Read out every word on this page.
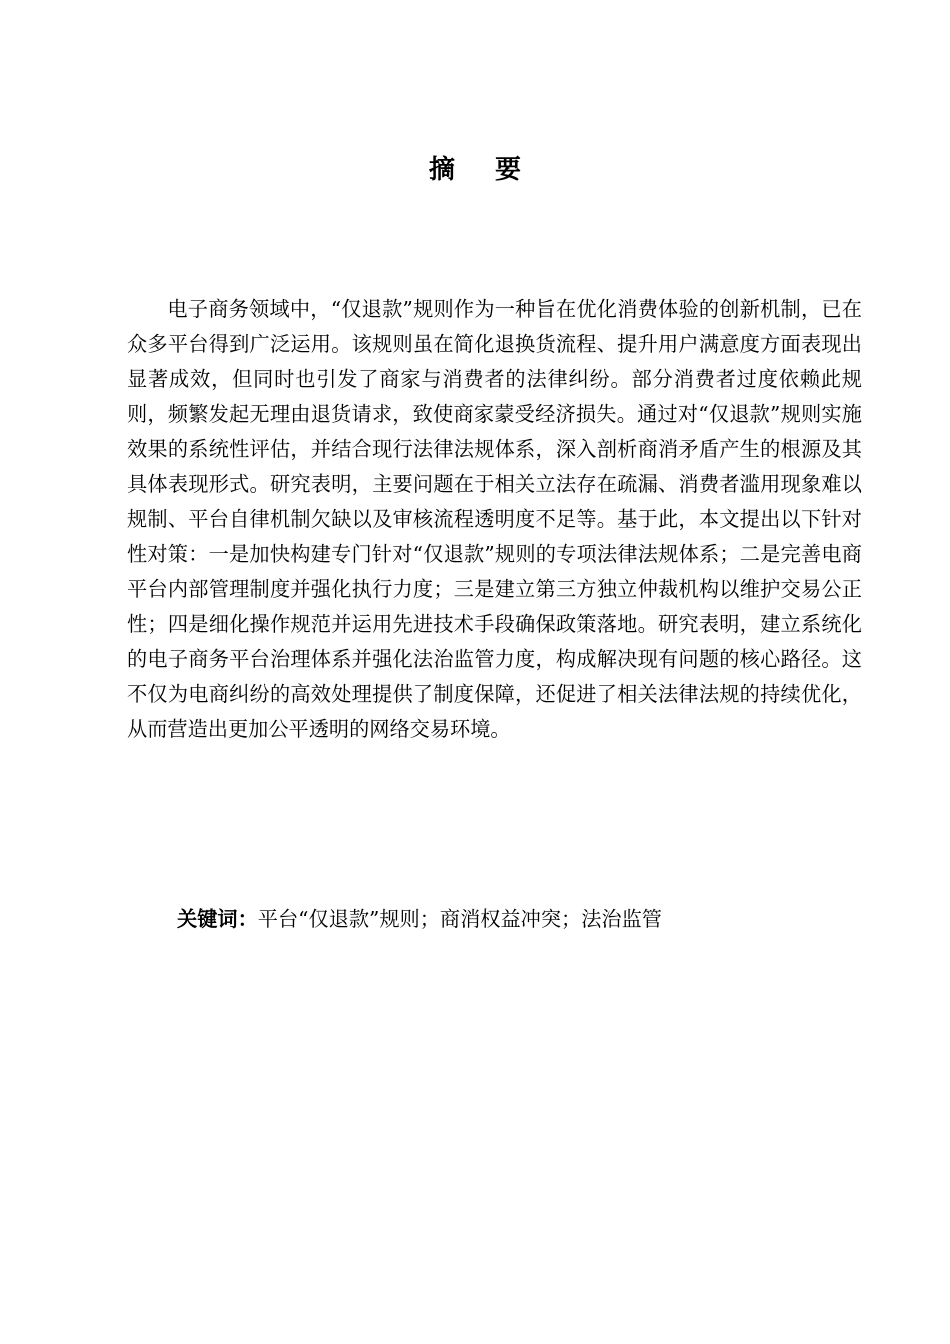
摘要
电子商务领域中，“仅退款”规则作为一种旨在优化消费体验的创新机制，已在众多平台得到广泛运用。该规则虽在简化退换货流程、提升用户满意度方面表现出显著成效，但同时也引发了商家与消费者的法律纠纷。部分消费者过度依赖此规则，频繁发起无理由退货请求，致使商家蒙受经济损失。通过对“仅退款”规则实施效果的系统性评估，并结合现行法律法规体系，深入剖析商消矛盾产生的根源及其具体表现形式。研究表明，主要问题在于相关立法存在疏漏、消费者滥用现象难以规制、平台自律机制欠缺以及审核流程透明度不足等。基于此，本文提出以下针对性对策：一是加快构建专门针对“仅退款”规则的专项法律法规体系；二是完善电商平台内部管理制度并强化执行力度；三是建立第三方独立仲裁机构以维护交易公正性；四是细化操作规范并运用先进技术手段确保政策落地。研究表明，建立系统化的电子商务平台治理体系并强化法治监管力度，构成解决现有问题的核心路径。这不仅为电商纠纷的高效处理提供了制度保障，还促进了相关法律法规的持续优化，从而营造出更加公平透明的网络交易环境。
关键词：平台“仅退款”规则；商消权益冲突；法治监管
